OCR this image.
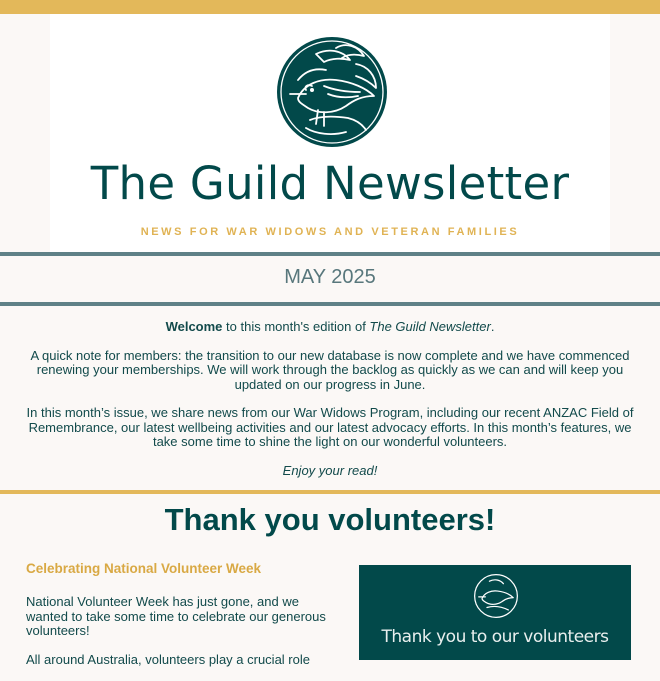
The Guild Newsletter
NEWS FOR WAR WIDOWS AND VETERAN FAMILIES
MAY 2025

Welcome to this month's edition of The Guild Newsletter.

A quick note for members: the transition to our new database is now complete and we have commenced renewing your memberships. We will work through the backlog as quickly as we can and will keep you updated on our progress in June.

In this month’s issue, we share news from our War Widows Program, including our recent ANZAC Field of Remembrance, our latest wellbeing activities and our latest advocacy efforts. In this month’s features, we take some time to shine the light on our wonderful volunteers.

Enjoy your read!

Thank you volunteers!
Celebrating National Volunteer Week

National Volunteer Week has just gone, and we wanted to take some time to celebrate our generous volunteers!

All around Australia, volunteers play a crucial role

Thank you to our volunteers
